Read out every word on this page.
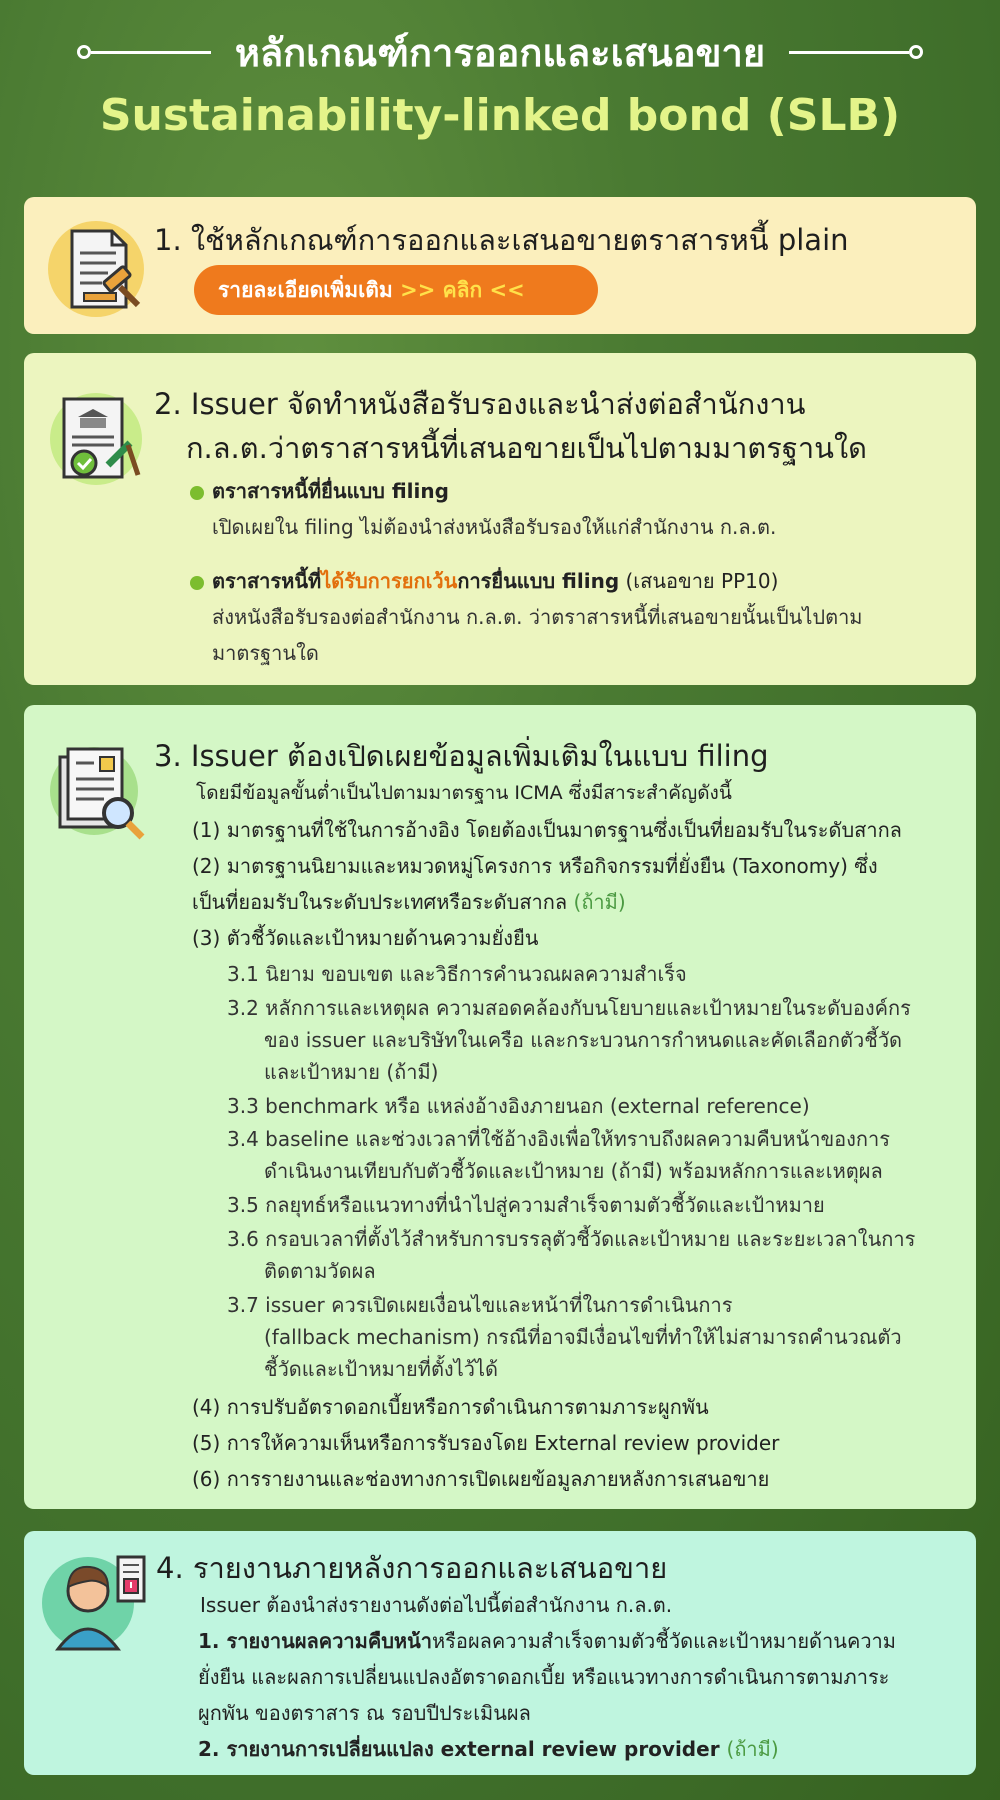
หลักเกณฑ์การออกและเสนอขาย
Sustainability-linked bond (SLB)
1. ใช้หลักเกณฑ์การออกและเสนอขายตราสารหนี้ plain
รายละเอียดเพิ่มเติม >> คลิก <<
2. Issuer จัดทำหนังสือรับรองและนำส่งต่อสำนักงาน
ก.ล.ต.ว่าตราสารหนี้ที่เสนอขายเป็นไปตามมาตรฐานใด
ตราสารหนี้ที่ยื่นแบบ filing
เปิดเผยใน filing ไม่ต้องนำส่งหนังสือรับรองให้แก่สำนักงาน ก.ล.ต.
ตราสารหนี้ที่ได้รับการยกเว้นการยื่นแบบ filing (เสนอขาย PP10)
ส่งหนังสือรับรองต่อสำนักงาน ก.ล.ต. ว่าตราสารหนี้ที่เสนอขายนั้นเป็นไปตาม
มาตรฐานใด
3. Issuer ต้องเปิดเผยข้อมูลเพิ่มเติมในแบบ filing
โดยมีข้อมูลขั้นต่ำเป็นไปตามมาตรฐาน ICMA ซึ่งมีสาระสำคัญดังนี้
(1) มาตรฐานที่ใช้ในการอ้างอิง โดยต้องเป็นมาตรฐานซึ่งเป็นที่ยอมรับในระดับสากล
(2) มาตรฐานนิยามและหมวดหมู่โครงการ หรือกิจกรรมที่ยั่งยืน (Taxonomy) ซึ่ง
เป็นที่ยอมรับในระดับประเทศหรือระดับสากล (ถ้ามี)
(3) ตัวชี้วัดและเป้าหมายด้านความยั่งยืน
3.1 นิยาม ขอบเขต และวิธีการคำนวณผลความสำเร็จ
3.2 หลักการและเหตุผล ความสอดคล้องกับนโยบายและเป้าหมายในระดับองค์กร
ของ issuer และบริษัทในเครือ และกระบวนการกำหนดและคัดเลือกตัวชี้วัด
และเป้าหมาย (ถ้ามี)
3.3 benchmark หรือ แหล่งอ้างอิงภายนอก (external reference)
3.4 baseline และช่วงเวลาที่ใช้อ้างอิงเพื่อให้ทราบถึงผลความคืบหน้าของการ
ดำเนินงานเทียบกับตัวชี้วัดและเป้าหมาย (ถ้ามี) พร้อมหลักการและเหตุผล
3.5 กลยุทธ์หรือแนวทางที่นำไปสู่ความสำเร็จตามตัวชี้วัดและเป้าหมาย
3.6 กรอบเวลาที่ตั้งไว้สำหรับการบรรลุตัวชี้วัดและเป้าหมาย และระยะเวลาในการ
ติดตามวัดผล
3.7 issuer ควรเปิดเผยเงื่อนไขและหน้าที่ในการดำเนินการ
(fallback mechanism) กรณีที่อาจมีเงื่อนไขที่ทำให้ไม่สามารถคำนวณตัว
ชี้วัดและเป้าหมายที่ตั้งไว้ได้
(4) การปรับอัตราดอกเบี้ยหรือการดำเนินการตามภาระผูกพัน
(5) การให้ความเห็นหรือการรับรองโดย External review provider
(6) การรายงานและช่องทางการเปิดเผยข้อมูลภายหลังการเสนอขาย
4. รายงานภายหลังการออกและเสนอขาย
Issuer ต้องนำส่งรายงานดังต่อไปนี้ต่อสำนักงาน ก.ล.ต.
1. รายงานผลความคืบหน้าหรือผลความสำเร็จตามตัวชี้วัดและเป้าหมายด้านความ
ยั่งยืน และผลการเปลี่ยนแปลงอัตราดอกเบี้ย หรือแนวทางการดำเนินการตามภาระ
ผูกพัน ของตราสาร ณ รอบปีประเมินผล
2. รายงานการเปลี่ยนแปลง external review provider (ถ้ามี)
